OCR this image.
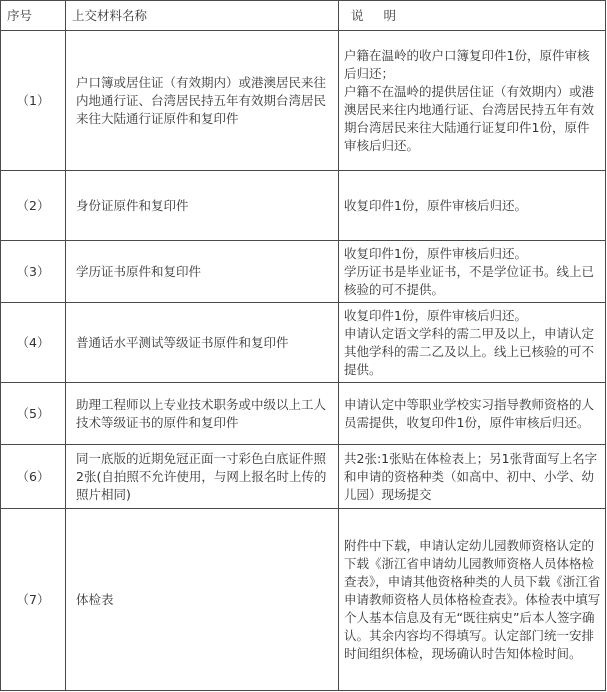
序号	上交材料名称	说 明
（1）	户口簿或居住证（有效期内）或港澳居民来往内地通行证、台湾居民持五年有效期台湾居民来往大陆通行证原件和复印件	户籍在温岭的收户口簿复印件1份，原件审核后归还；
户籍不在温岭的提供居住证（有效期内）或港澳居民来往内地通行证、台湾居民持五年有效期台湾居民来往大陆通行证复印件1份，原件审核后归还。

（2）	身份证原件和复印件	收复印件1份，原件审核后归还。
（3）	学历证书原件和复印件	收复印件1份，原件审核后归还。
学历证书是毕业证书，不是学位证书。线上已核验的可不提供。

（4）	普通话水平测试等级证书原件和复印件	收复印件1份，原件审核后归还。
申请认定语文学科的需二甲及以上，申请认定其他学科的需二乙及以上。线上已核验的可不提供。

（5）	助理工程师以上专业技术职务或中级以上工人技术等级证书的原件和复印件	申请认定中等职业学校实习指导教师资格的人员需提供，收复印件1份，原件审核后归还。
（6）	同一底版的近期免冠正面一寸彩色白底证件照2张(自拍照不允许使用，与网上报名时上传的照片相同)	共2张:1张贴在体检表上；另1张背面写上名字和申请的资格种类（如高中、初中、小学、幼儿园）现场提交
（7）	体检表	附件中下载，申请认定幼儿园教师资格认定的下载《浙江省申请幼儿园教师资格人员体格检查表》，申请其他资格种类的人员下载《浙江省申请教师资格人员体格检查表》。体检表中填写个人基本信息及有无“既往病史”后本人签字确认。其余内容均不得填写。认定部门统一安排时间组织体检，现场确认时告知体检时间。
